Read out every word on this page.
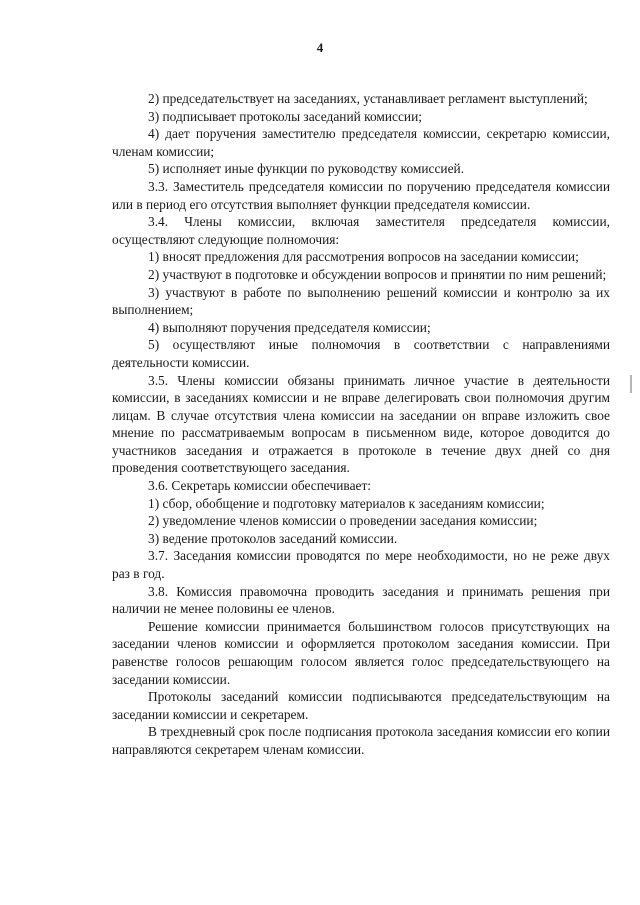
4

2) председательствует на заседаниях, устанавливает регламент выступлений;

3) подписывает протоколы заседаний комиссии;

4) дает поручения заместителю председателя комиссии, секретарю комиссии, членам комиссии;

5) исполняет иные функции по руководству комиссией.

3.3. Заместитель председателя комиссии по поручению председателя комиссии или в период его отсутствия выполняет функции председателя комиссии.

3.4. Члены комиссии, включая заместителя председателя комиссии, осуществляют следующие полномочия:

1) вносят предложения для рассмотрения вопросов на заседании комиссии;

2) участвуют в подготовке и обсуждении вопросов и принятии по ним решений;

3) участвуют в работе по выполнению решений комиссии и контролю за их выполнением;

4) выполняют поручения председателя комиссии;

5) осуществляют иные полномочия в соответствии с направлениями деятельности комиссии.

3.5. Члены комиссии обязаны принимать личное участие в деятельности комиссии, в заседаниях комиссии и не вправе делегировать свои полномочия другим лицам. В случае отсутствия члена комиссии на заседании он вправе изложить свое мнение по рассматриваемым вопросам в письменном виде, которое доводится до участников заседания и отражается в протоколе в течение двух дней со дня проведения соответствующего заседания.

3.6. Секретарь комиссии обеспечивает:

1) сбор, обобщение и подготовку материалов к заседаниям комиссии;

2) уведомление членов комиссии о проведении заседания комиссии;

3) ведение протоколов заседаний комиссии.

3.7. Заседания комиссии проводятся по мере необходимости, но не реже двух раз в год.

3.8. Комиссия правомочна проводить заседания и принимать решения при наличии не менее половины ее членов.

Решение комиссии принимается большинством голосов присутствующих на заседании членов комиссии и оформляется протоколом заседания комиссии. При равенстве голосов решающим голосом является голос председательствующего на заседании комиссии.

Протоколы заседаний комиссии подписываются председательствующим на заседании комиссии и секретарем.

В трехдневный срок после подписания протокола заседания комиссии его копии направляются секретарем членам комиссии.
